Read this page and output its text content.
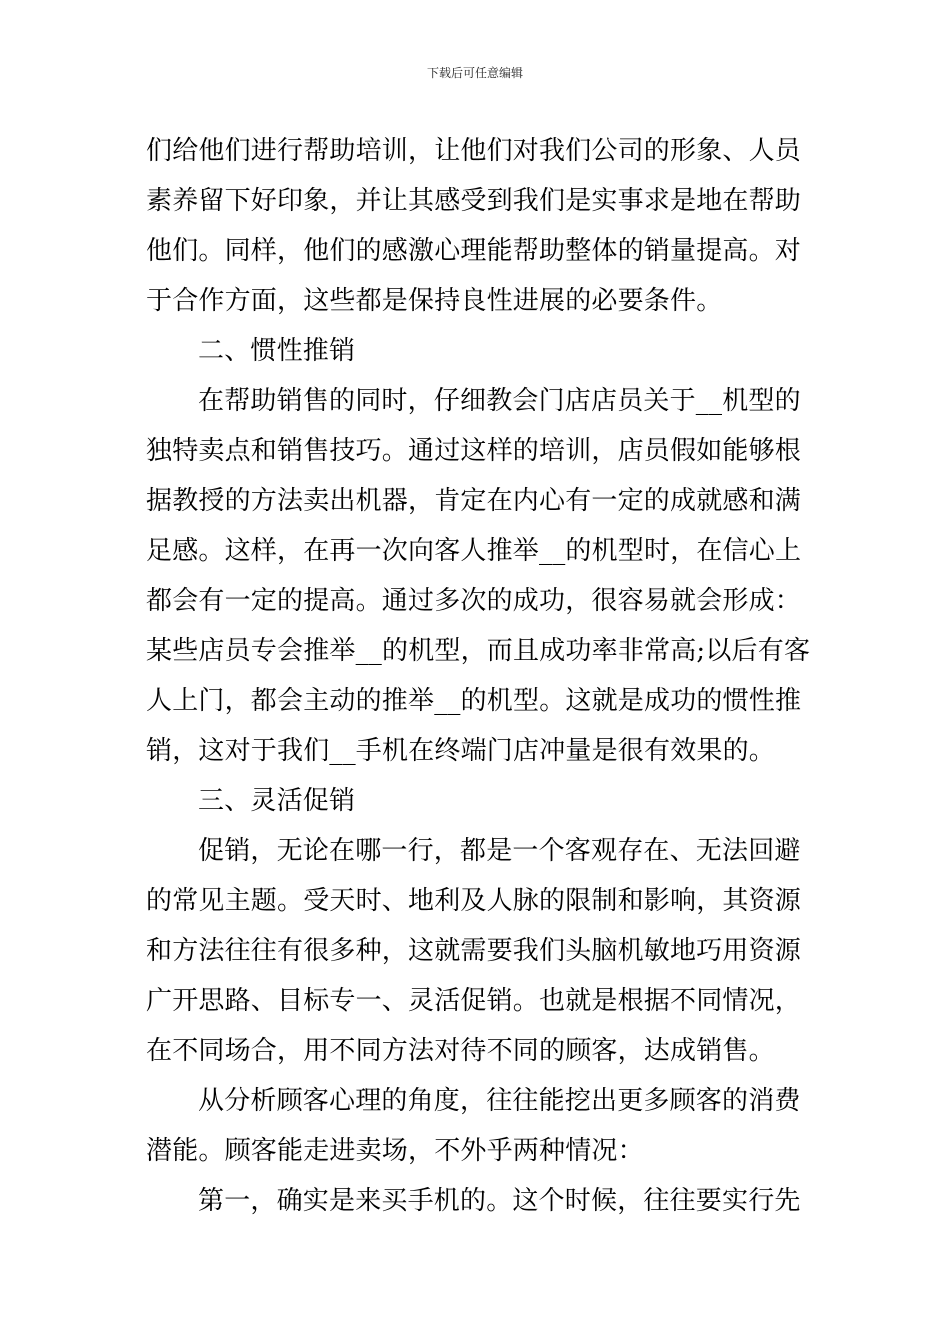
下载后可任意编辑
们给他们进行帮助培训，让他们对我们公司的形象、人员
素养留下好印象，并让其感受到我们是实事求是地在帮助
他们。同样，他们的感激心理能帮助整体的销量提高。对
于合作方面，这些都是保持良性进展的必要条件。
二、惯性推销
在帮助销售的同时，仔细教会门店店员关于__机型的
独特卖点和销售技巧。通过这样的培训，店员假如能够根
据教授的方法卖出机器，肯定在内心有一定的成就感和满
足感。这样，在再一次向客人推举__的机型时，在信心上
都会有一定的提高。通过多次的成功，很容易就会形成：
某些店员专会推举__的机型，而且成功率非常高;以后有客
人上门，都会主动的推举__的机型。这就是成功的惯性推
销，这对于我们__手机在终端门店冲量是很有效果的。
三、灵活促销
促销，无论在哪一行，都是一个客观存在、无法回避
的常见主题。受天时、地利及人脉的限制和影响，其资源
和方法往往有很多种，这就需要我们头脑机敏地巧用资源
广开思路、目标专一、灵活促销。也就是根据不同情况，
在不同场合，用不同方法对待不同的顾客，达成销售。
从分析顾客心理的角度，往往能挖出更多顾客的消费
潜能。顾客能走进卖场，不外乎两种情况：
第一，确实是来买手机的。这个时候，往往要实行先
